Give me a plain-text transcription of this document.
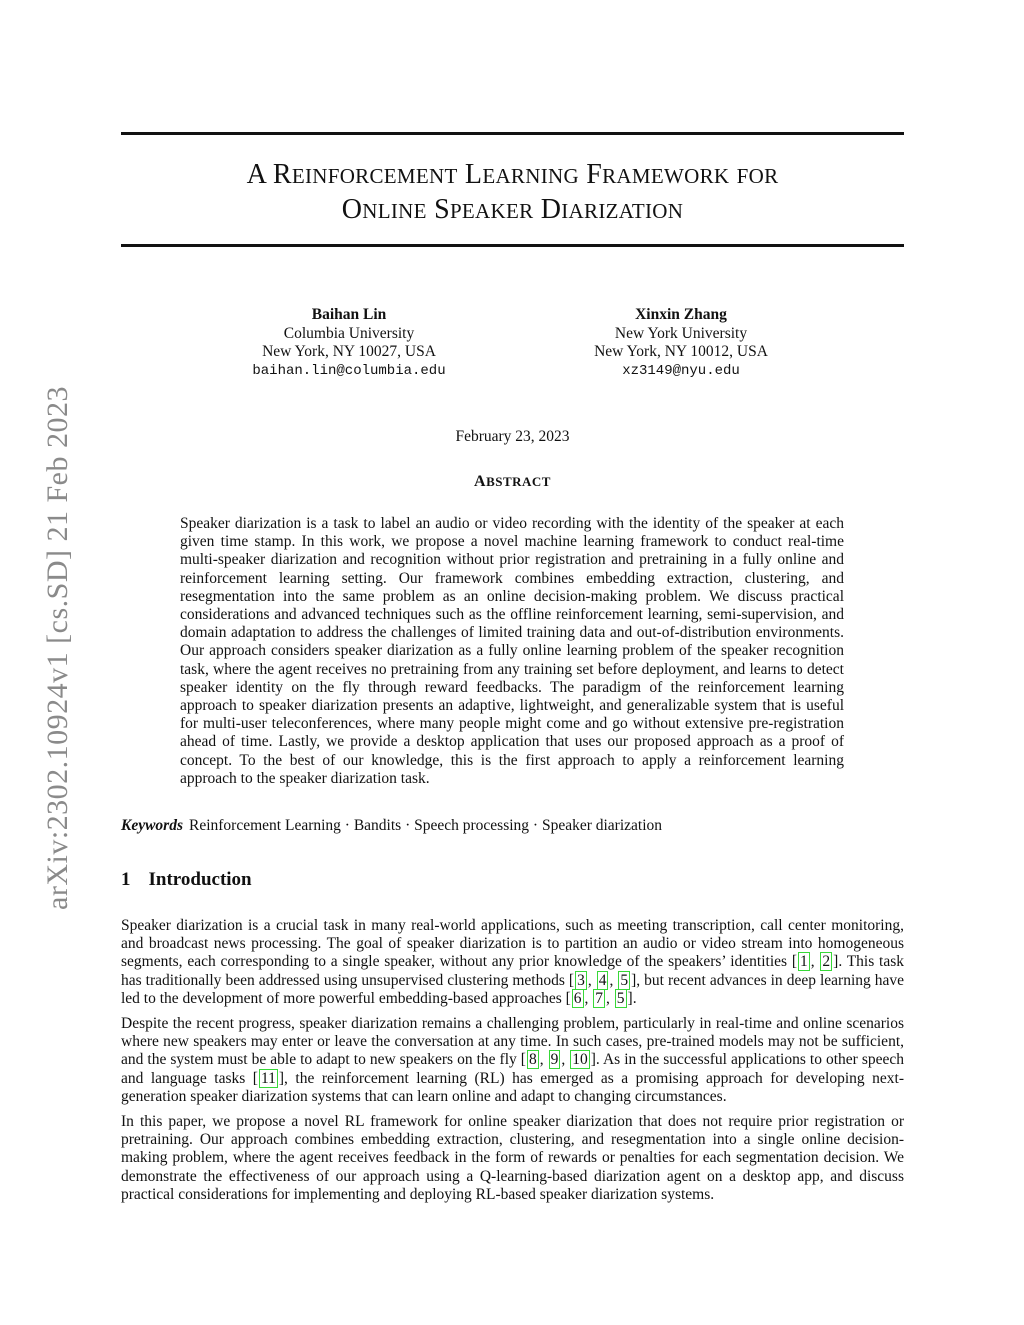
A REINFORCEMENT LEARNING FRAMEWORK FOR
ONLINE SPEAKER DIARIZATION
arXiv:2302.10924v1 [cs.SD] 21 Feb 2023
Baihan Lin
Columbia University
New York, NY 10027, USA
baihan.lin@columbia.edu
Xinxin Zhang
New York University
New York, NY 10012, USA
xz3149@nyu.edu
February 23, 2023
ABSTRACT

Speaker diarization is a task to label an audio or video recording with the identity of the speaker at each given time stamp. In this work, we propose a novel machine learning framework to conduct real-time multi-speaker diarization and recognition without prior registration and pretraining in a fully online and reinforcement learning setting. Our framework combines embedding extraction, clustering, and resegmentation into the same problem as an online decision-making problem. We discuss practical considerations and advanced techniques such as the offline reinforcement learning, semi-supervision, and domain adaptation to address the challenges of limited training data and out-of-distribution environments. Our approach considers speaker diarization as a fully online learning problem of the speaker recognition task, where the agent receives no pretraining from any training set before deployment, and learns to detect speaker identity on the fly through reward feedbacks. The paradigm of the reinforcement learning approach to speaker diarization presents an adaptive, lightweight, and generalizable system that is useful for multi-user teleconferences, where many people might come and go without extensive pre-registration ahead of time. Lastly, we provide a desktop application that uses our proposed approach as a proof of concept. To the best of our knowledge, this is the first approach to apply a reinforcement learning approach to the speaker diarization task.

Keywords Reinforcement Learning · Bandits · Speech processing · Speaker diarization
1 Introduction

Speaker diarization is a crucial task in many real-world applications, such as meeting transcription, call center monitoring, and broadcast news processing. The goal of speaker diarization is to partition an audio or video stream into homogeneous segments, each corresponding to a single speaker, without any prior knowledge of the speakers’ identities [ 1 , 2 ]. This task has traditionally been addressed using unsupervised clustering methods [ 3 , 4 , 5 ], but recent advances in deep learning have led to the development of more powerful embedding-based approaches [ 6 , 7 , 5 ].

Despite the recent progress, speaker diarization remains a challenging problem, particularly in real-time and online scenarios where new speakers may enter or leave the conversation at any time. In such cases, pre-trained models may not be sufficient, and the system must be able to adapt to new speakers on the fly [ 8 , 9 , 10 ]. As in the successful applications to other speech and language tasks [ 11 ], the reinforcement learning (RL) has emerged as a promising approach for developing next-generation speaker diarization systems that can learn online and adapt to changing circumstances.

In this paper, we propose a novel RL framework for online speaker diarization that does not require prior registration or pretraining. Our approach combines embedding extraction, clustering, and resegmentation into a single online decision-making problem, where the agent receives feedback in the form of rewards or penalties for each segmentation decision. We demonstrate the effectiveness of our approach using a Q-learning-based diarization agent on a desktop app, and discuss practical considerations for implementing and deploying RL-based speaker diarization systems.
